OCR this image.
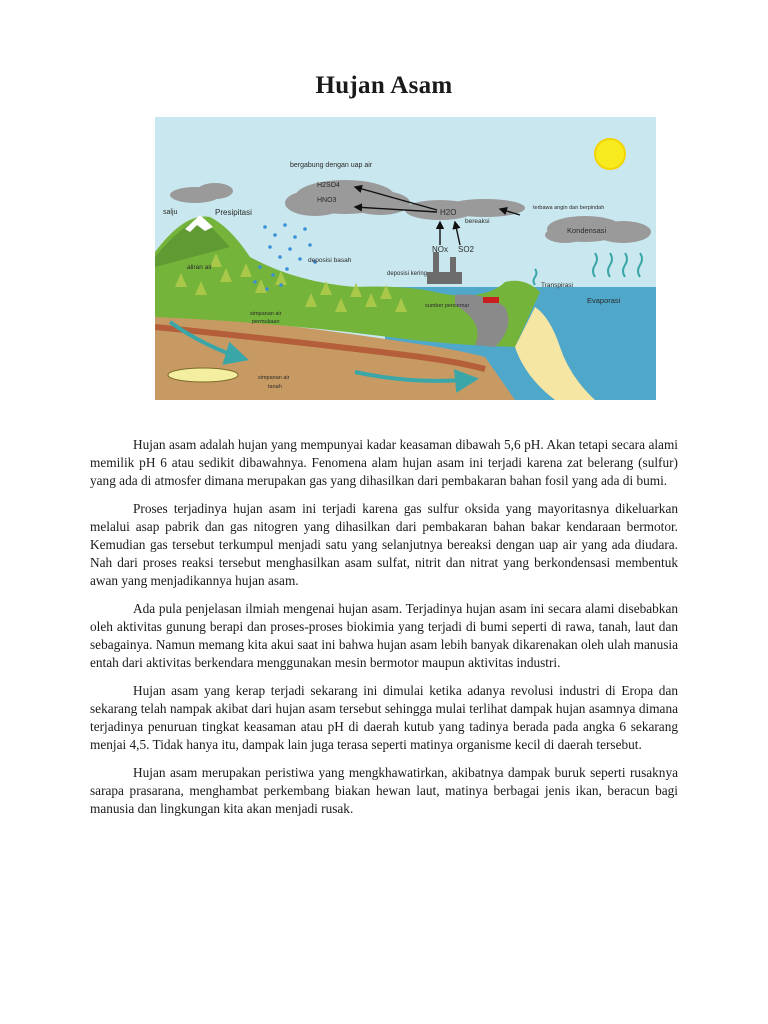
Hujan Asam
bergabung dengan uap air
H2SO4
HNO3
H2O
bereaksi
terbawa angin dan berpindah
Kondensasi
salju	Presipitasi
deposisi basah
NOx SO2
deposisi kering
aliran air
simpanan air
permukaan
sumber pencemar
Transpirasi
Evaporasi
simpanan air
tanah

Hujan asam adalah hujan yang mempunyai kadar keasaman dibawah 5,6 pH. Akan tetapi secara alami memilik pH 6 atau sedikit dibawahnya. Fenomena alam hujan asam ini terjadi karena zat belerang (sulfur) yang ada di atmosfer dimana merupakan gas yang dihasilkan dari pembakaran bahan fosil yang ada di bumi.

Proses terjadinya hujan asam ini terjadi karena gas sulfur oksida yang mayoritasnya dikeluarkan melalui asap pabrik dan gas nitogren yang dihasilkan dari pembakaran bahan bakar kendaraan bermotor. Kemudian gas tersebut terkumpul menjadi satu yang selanjutnya bereaksi dengan uap air yang ada diudara. Nah dari proses reaksi tersebut menghasilkan asam sulfat, nitrit dan nitrat yang berkondensasi membentuk awan yang menjadikannya hujan asam.

Ada pula penjelasan ilmiah mengenai hujan asam. Terjadinya hujan asam ini secara alami disebabkan oleh aktivitas gunung berapi dan proses-proses biokimia yang terjadi di bumi seperti di rawa, tanah, laut dan sebagainya. Namun memang kita akui saat ini bahwa hujan asam lebih banyak dikarenakan oleh ulah manusia entah dari aktivitas berkendara menggunakan mesin bermotor maupun aktivitas industri.

Hujan asam yang kerap terjadi sekarang ini dimulai ketika adanya revolusi industri di Eropa dan sekarang telah nampak akibat dari hujan asam tersebut sehingga mulai terlihat dampak hujan asamnya dimana terjadinya penuruan tingkat keasaman atau pH di daerah kutub yang tadinya berada pada angka 6 sekarang menjai 4,5. Tidak hanya itu, dampak lain juga terasa seperti matinya organisme kecil di daerah tersebut.

Hujan asam merupakan peristiwa yang mengkhawatirkan, akibatnya dampak buruk seperti rusaknya sarapa prasarana, menghambat perkembang biakan hewan laut, matinya berbagai jenis ikan, beracun bagi manusia dan lingkungan kita akan menjadi rusak.
